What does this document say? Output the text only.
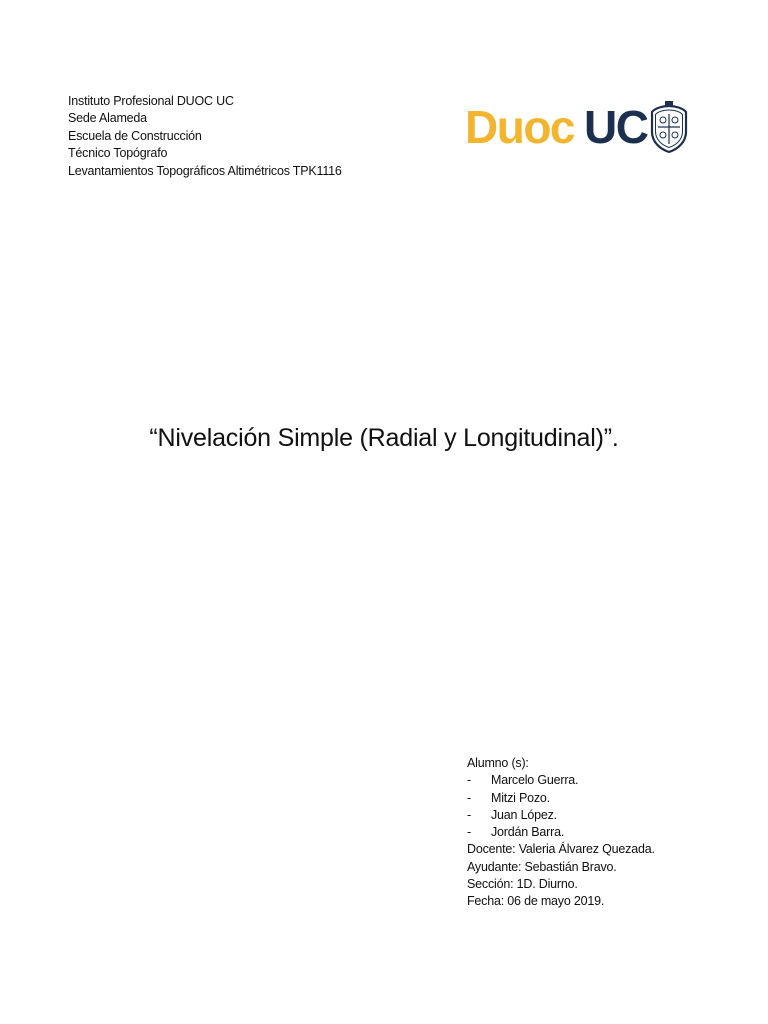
Instituto Profesional DUOC UC
Sede Alameda
Escuela de Construcción
Técnico Topógrafo
Levantamientos Topográficos Altimétricos TPK1116
Duoc UC
“Nivelación Simple (Radial y Longitudinal)”.
Alumno (s):
-	Marcelo Guerra.
-	Mitzi Pozo.
-	Juan López.
-	Jordán Barra.
Docente: Valeria Álvarez Quezada.
Ayudante: Sebastián Bravo.
Sección: 1D. Diurno.
Fecha: 06 de mayo 2019.
